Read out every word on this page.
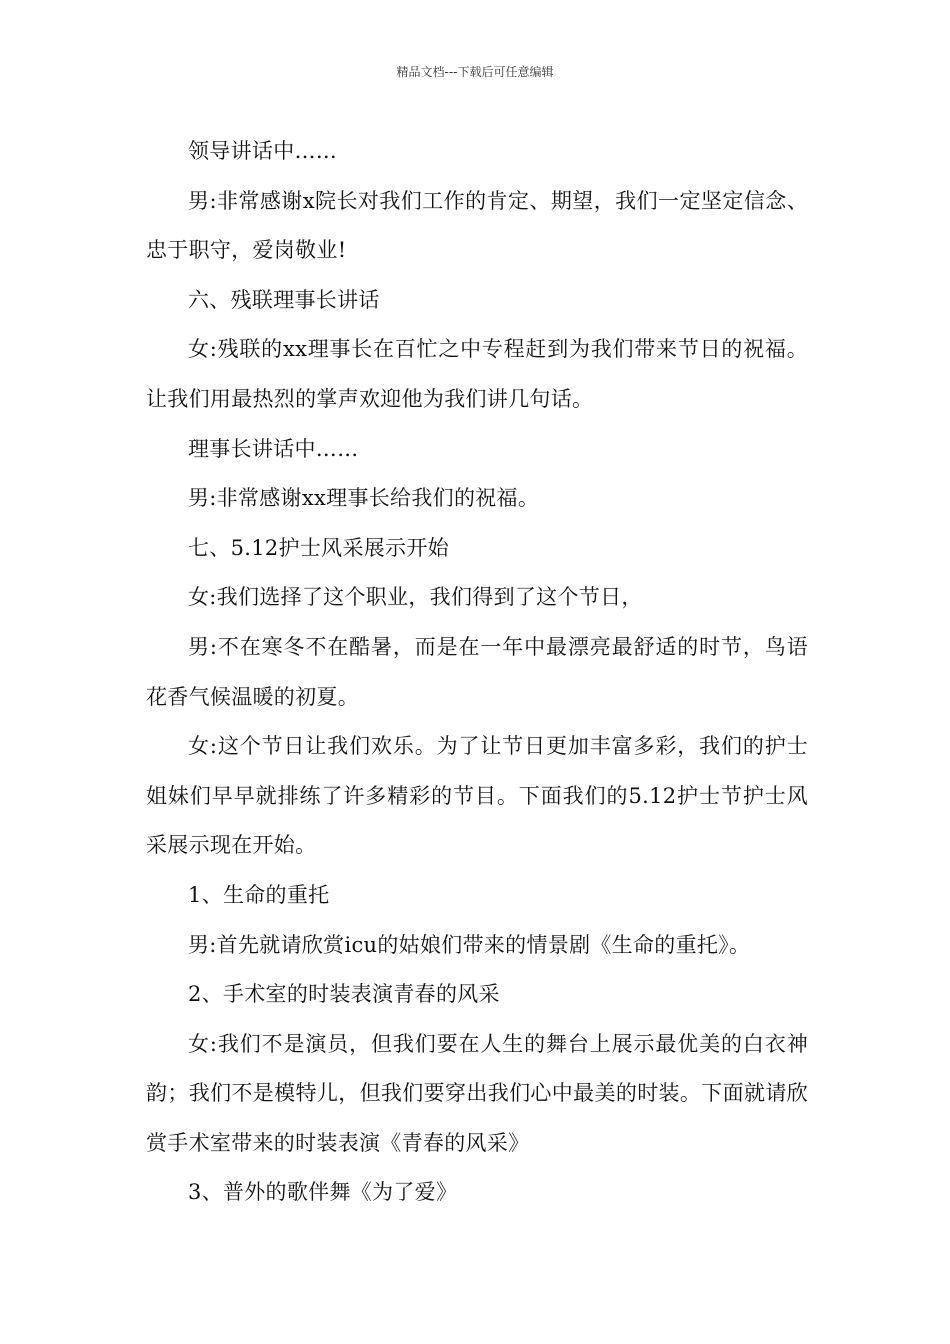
精品文档---下载后可任意编辑

领导讲话中……

男:非常感谢x院长对我们工作的肯定、期望，我们一定坚定信念、忠于职守，爱岗敬业!

六、残联理事长讲话

女:残联的xx理事长在百忙之中专程赶到为我们带来节日的祝福。让我们用最热烈的掌声欢迎他为我们讲几句话。

理事长讲话中……

男:非常感谢xx理事长给我们的祝福。

七、5.12护士风采展示开始

女:我们选择了这个职业，我们得到了这个节日，

男:不在寒冬不在酷暑，而是在一年中最漂亮最舒适的时节，鸟语花香气候温暖的初夏。

女:这个节日让我们欢乐。为了让节日更加丰富多彩，我们的护士姐妹们早早就排练了许多精彩的节目。下面我们的5.12护士节护士风采展示现在开始。

1、生命的重托

男:首先就请欣赏icu的姑娘们带来的情景剧《生命的重托》。

2、手术室的时装表演青春的风采

女:我们不是演员，但我们要在人生的舞台上展示最优美的白衣神韵；我们不是模特儿，但我们要穿出我们心中最美的时装。下面就请欣赏手术室带来的时装表演《青春的风采》

3、普外的歌伴舞《为了爱》
